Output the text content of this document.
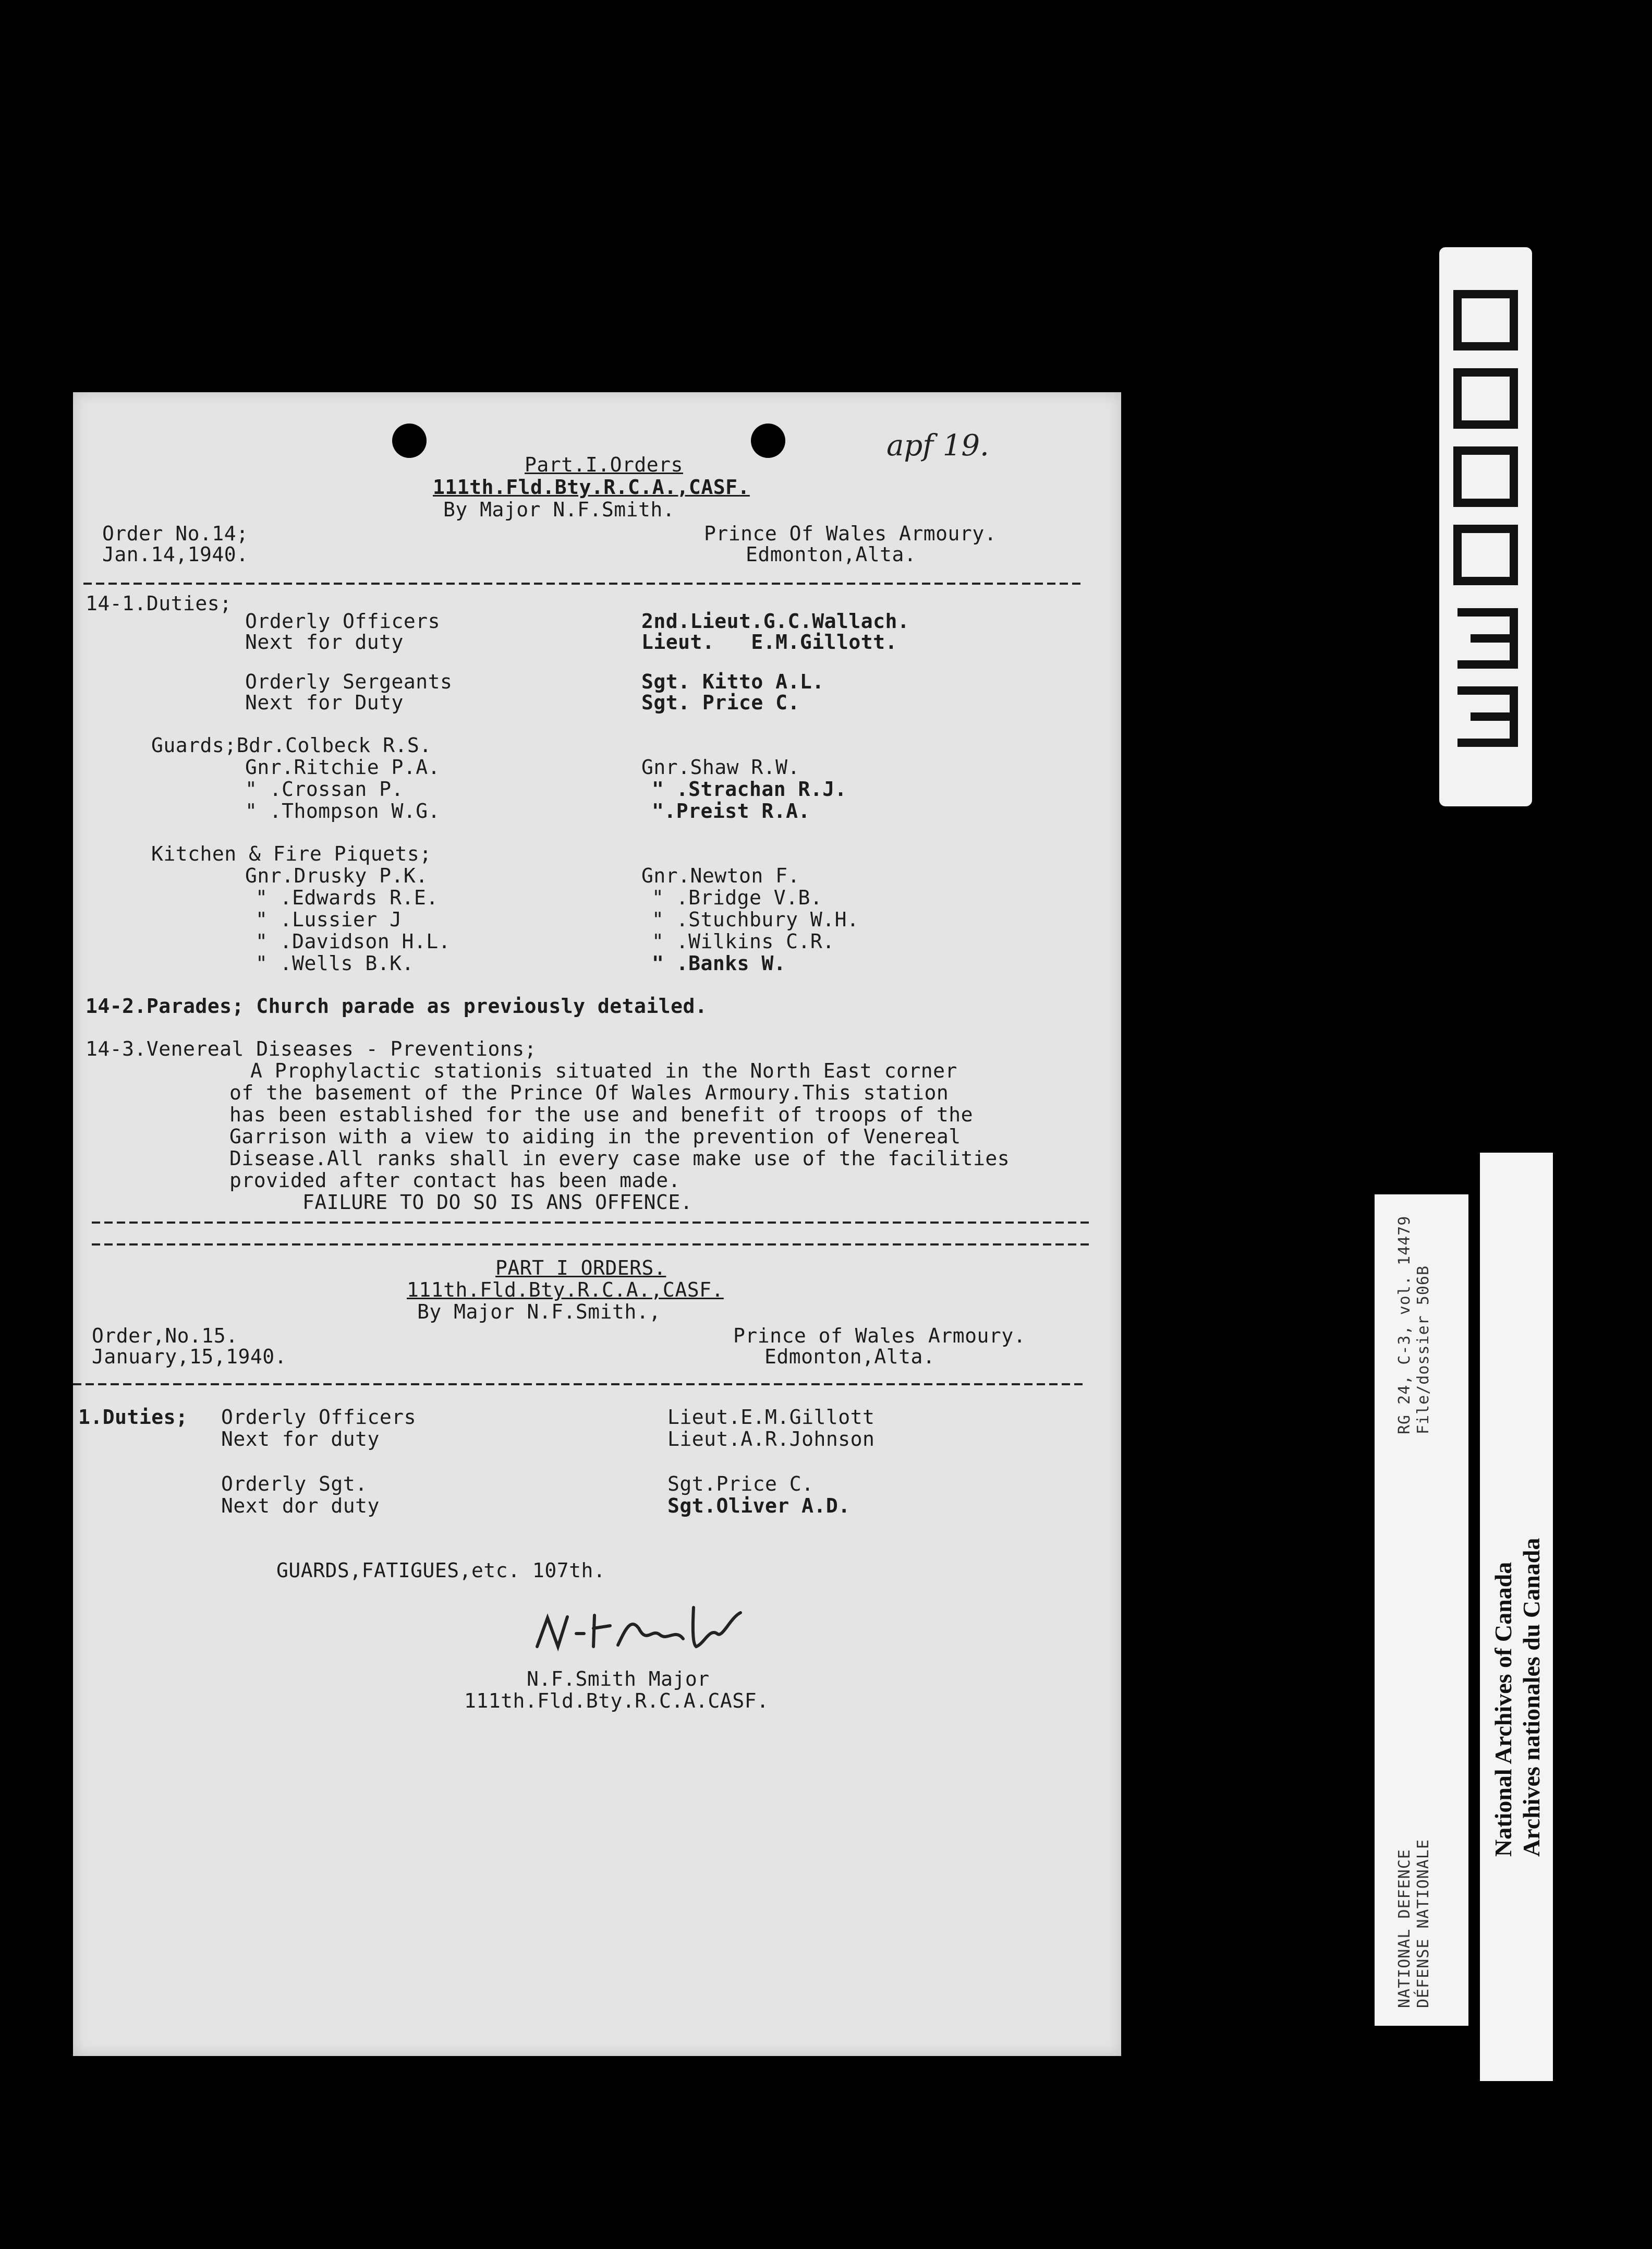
apf 19.
Part.I.Orders
111th.Fld.Bty.R.C.A.,CASF.
By Major N.F.Smith.
Order No.14;
Jan.14,1940.
Prince Of Wales Armoury.
Edmonton,Alta.
14-1.Duties;
Orderly Officers
Next for duty
2nd.Lieut.G.C.Wallach.
Lieut.   E.M.Gillott.
Orderly Sergeants
Next for Duty
Sgt. Kitto A.L.
Sgt. Price C.
Guards;Bdr.Colbeck R.S.
Gnr.Ritchie P.A.
" .Crossan P.
" .Thompson W.G.
Gnr.Shaw R.W.
" .Strachan R.J.
".Preist R.A.
Kitchen & Fire Piquets;
Gnr.Drusky P.K.
" .Edwards R.E.
" .Lussier J
" .Davidson H.L.
" .Wells B.K.
Gnr.Newton F.
" .Bridge V.B.
" .Stuchbury W.H.
" .Wilkins C.R.
" .Banks W.
14-2.Parades; Church parade as previously detailed.
14-3.Venereal Diseases - Preventions;
A Prophylactic stationis situated in the North East corner
of the basement of the Prince Of Wales Armoury.This station
has been established for the use and benefit of troops of the
Garrison with a view to aiding in the prevention of Venereal
Disease.All ranks shall in every case make use of the facilities
provided after contact has been made.
FAILURE TO DO SO IS ANS OFFENCE.
PART I ORDERS.
111th.Fld.Bty.R.C.A.,CASF.
By Major N.F.Smith.,
Order,No.15.
January,15,1940.
Prince of Wales Armoury.
Edmonton,Alta.
1.Duties; Orderly Officers
Next for duty
Lieut.E.M.Gillott
Lieut.A.R.Johnson
Orderly Sgt.
Next dor duty
Sgt.Price C.
Sgt.Oliver A.D.
GUARDS,FATIGUES,etc. 107th.
N.F.Smith Major
111th.Fld.Bty.R.C.A.CASF.
NATIONAL DEFENCE DÉFENSE NATIONALE
RG 24, C-3, vol. 14479 File/dossier 506B
National Archives of Canada Archives nationales du Canada
